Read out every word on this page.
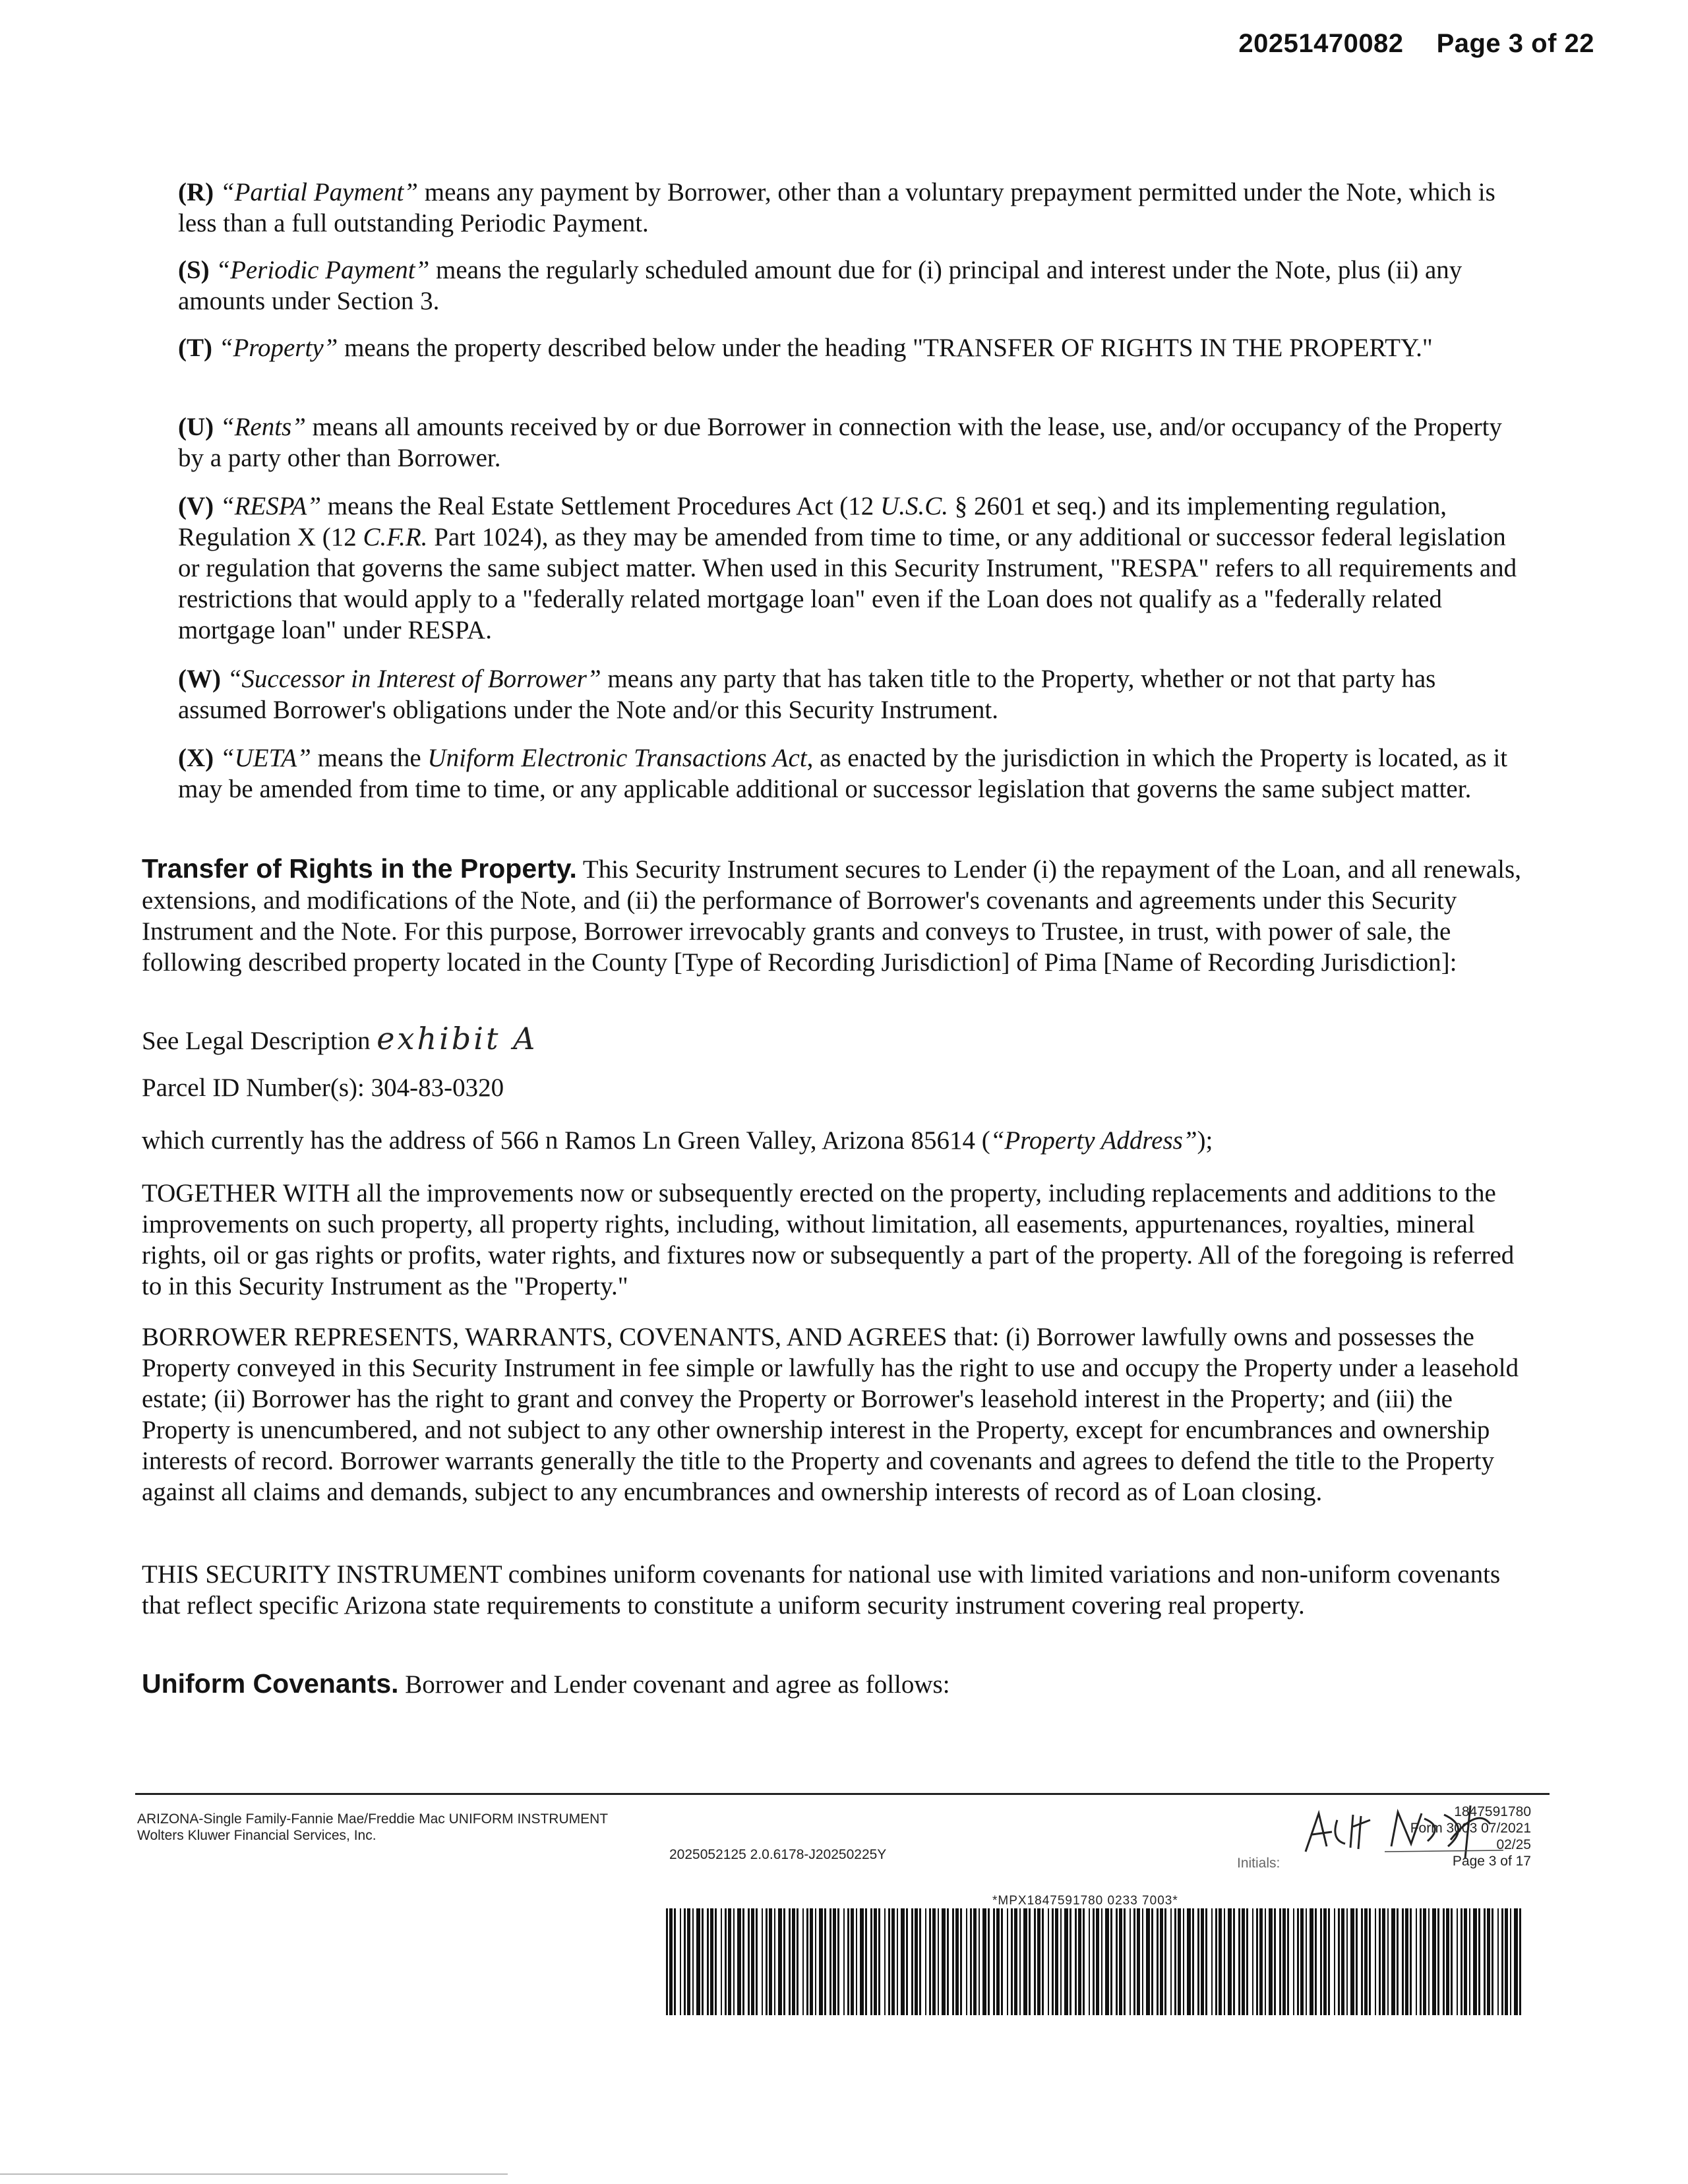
20251470082 Page 3 of 22

(R) “Partial Payment” means any payment by Borrower, other than a voluntary prepayment permitted under the Note, which is less than a full outstanding Periodic Payment.

(S) “Periodic Payment” means the regularly scheduled amount due for (i) principal and interest under the Note, plus (ii) any amounts under Section 3.

(T) “Property” means the property described below under the heading "TRANSFER OF RIGHTS IN THE PROPERTY."

(U) “Rents” means all amounts received by or due Borrower in connection with the lease, use, and/or occupancy of the Property by a party other than Borrower.

(V) “RESPA” means the Real Estate Settlement Procedures Act (12 U.S.C. § 2601 et seq.) and its implementing regulation, Regulation X (12 C.F.R. Part 1024), as they may be amended from time to time, or any additional or successor federal legislation or regulation that governs the same subject matter. When used in this Security Instrument, "RESPA" refers to all requirements and restrictions that would apply to a "federally related mortgage loan" even if the Loan does not qualify as a "federally related mortgage loan" under RESPA.

(W) “Successor in Interest of Borrower” means any party that has taken title to the Property, whether or not that party has assumed Borrower's obligations under the Note and/or this Security Instrument.

(X) “UETA” means the Uniform Electronic Transactions Act, as enacted by the jurisdiction in which the Property is located, as it may be amended from time to time, or any applicable additional or successor legislation that governs the same subject matter.

Transfer of Rights in the Property. This Security Instrument secures to Lender (i) the repayment of the Loan, and all renewals, extensions, and modifications of the Note, and (ii) the performance of Borrower's covenants and agreements under this Security Instrument and the Note. For this purpose, Borrower irrevocably grants and conveys to Trustee, in trust, with power of sale, the following described property located in the County [Type of Recording Jurisdiction] of Pima [Name of Recording Jurisdiction]:

See Legal Description exhibit A

Parcel ID Number(s): 304-83-0320

which currently has the address of 566 n Ramos Ln Green Valley, Arizona 85614 (“Property Address”);

TOGETHER WITH all the improvements now or subsequently erected on the property, including replacements and additions to the improvements on such property, all property rights, including, without limitation, all easements, appurtenances, royalties, mineral rights, oil or gas rights or profits, water rights, and fixtures now or subsequently a part of the property. All of the foregoing is referred to in this Security Instrument as the "Property."

BORROWER REPRESENTS, WARRANTS, COVENANTS, AND AGREES that: (i) Borrower lawfully owns and possesses the Property conveyed in this Security Instrument in fee simple or lawfully has the right to use and occupy the Property under a leasehold estate; (ii) Borrower has the right to grant and convey the Property or Borrower's leasehold interest in the Property; and (iii) the Property is unencumbered, and not subject to any other ownership interest in the Property, except for encumbrances and ownership interests of record. Borrower warrants generally the title to the Property and covenants and agrees to defend the title to the Property against all claims and demands, subject to any encumbrances and ownership interests of record as of Loan closing.

THIS SECURITY INSTRUMENT combines uniform covenants for national use with limited variations and non-uniform covenants that reflect specific Arizona state requirements to constitute a uniform security instrument covering real property.

Uniform Covenants. Borrower and Lender covenant and agree as follows:

ARIZONA-Single Family-Fannie Mae/Freddie Mac UNIFORM INSTRUMENT
Wolters Kluwer Financial Services, Inc.
2025052125 2.0.6178-J20250225Y
1847591780
Form 3003 07/2021
02/25
Page 3 of 17
Initials:
*MPX1847591780 0233 7003*
